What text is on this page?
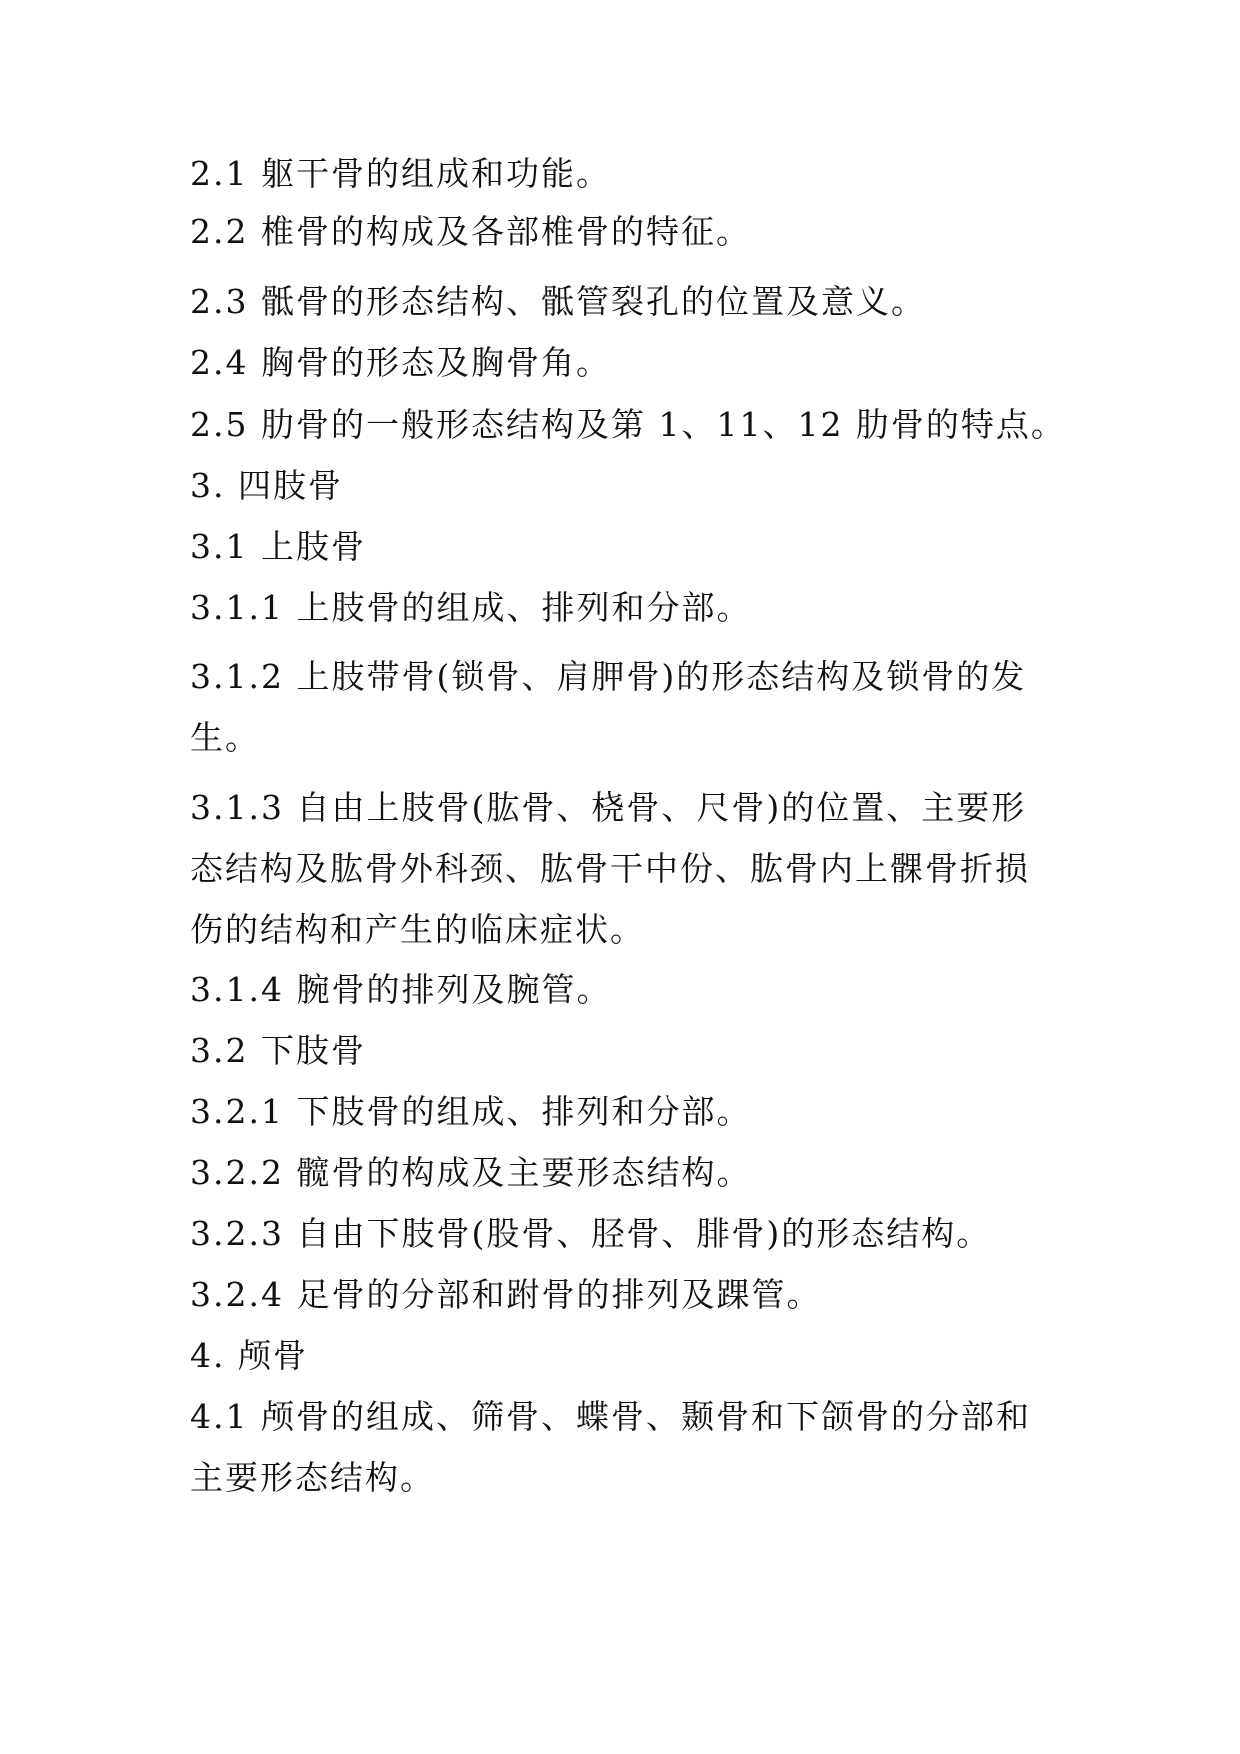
2.1 躯干骨的组成和功能。

2.2 椎骨的构成及各部椎骨的特征。

2.3 骶骨的形态结构、骶管裂孔的位置及意义。

2.4 胸骨的形态及胸骨角。

2.5 肋骨的一般形态结构及第 1、11、12 肋骨的特点。

3. 四肢骨

3.1 上肢骨

3.1.1 上肢骨的组成、排列和分部。

3.1.2 上肢带骨(锁骨、肩胛骨)的形态结构及锁骨的发

生。

3.1.3 自由上肢骨(肱骨、桡骨、尺骨)的位置、主要形

态结构及肱骨外科颈、肱骨干中份、肱骨内上髁骨折损

伤的结构和产生的临床症状。

3.1.4 腕骨的排列及腕管。

3.2 下肢骨

3.2.1 下肢骨的组成、排列和分部。

3.2.2 髋骨的构成及主要形态结构。

3.2.3 自由下肢骨(股骨、胫骨、腓骨)的形态结构。

3.2.4 足骨的分部和跗骨的排列及踝管。

4. 颅骨

4.1 颅骨的组成、筛骨、蝶骨、颞骨和下颌骨的分部和

主要形态结构。
